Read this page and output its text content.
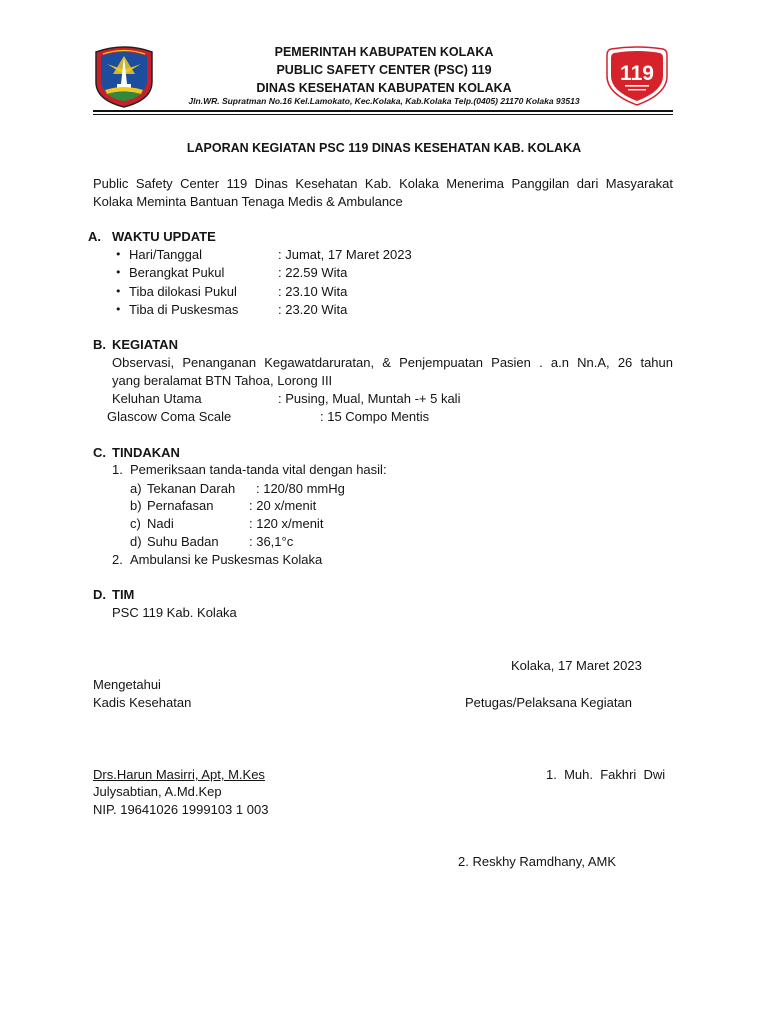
119
PEMERINTAH KABUPATEN KOLAKA
PUBLIC SAFETY CENTER (PSC) 119
DINAS KESEHATAN KABUPATEN KOLAKA
Jln.WR. Supratman No.16 Kel.Lamokato, Kec.Kolaka, Kab.Kolaka Telp.(0405) 21170 Kolaka 93513
LAPORAN KEGIATAN PSC 119 DINAS KESEHATAN KAB. KOLAKA
Public Safety Center 119 Dinas Kesehatan Kab. Kolaka Menerima Panggilan dari Masyarakat
Kolaka Meminta Bantuan Tenaga Medis & Ambulance
A. WAKTU UPDATE
• Hari/Tanggal	: Jumat, 17 Maret 2023
• Berangkat Pukul	: 22.59 Wita
• Tiba dilokasi Pukul	: 23.10 Wita
• Tiba di Puskesmas	: 23.20 Wita
B. KEGIATAN
Observasi, Penanganan Kegawatdaruratan, & Penjempuatan Pasien . a.n Nn.A, 26 tahun
yang beralamat BTN Tahoa, Lorong III
Keluhan Utama	: Pusing, Mual, Muntah -+ 5 kali
Glascow Coma Scale	: 15 Compo Mentis
C. TINDAKAN
1. Pemeriksaan tanda-tanda vital dengan hasil:
a) Tekanan Darah : 120/80 mmHg
b) Pernafasan	: 20 x/menit
c) Nadi	: 120 x/menit
d) Suhu Badan : 36,1°c
2. Ambulansi ke Puskesmas Kolaka
D. TIM
PSC 119 Kab. Kolaka
Kolaka, 17 Maret 2023
Mengetahui
Kadis Kesehatan	Petugas/Pelaksana Kegiatan
Drs.Harun Masirri, Apt, M.Kes	1.  Muh.  Fakhri  Dwi
Julysabtian, A.Md.Kep
NIP. 19641026 1999103 1 003
2. Reskhy Ramdhany, AMK
